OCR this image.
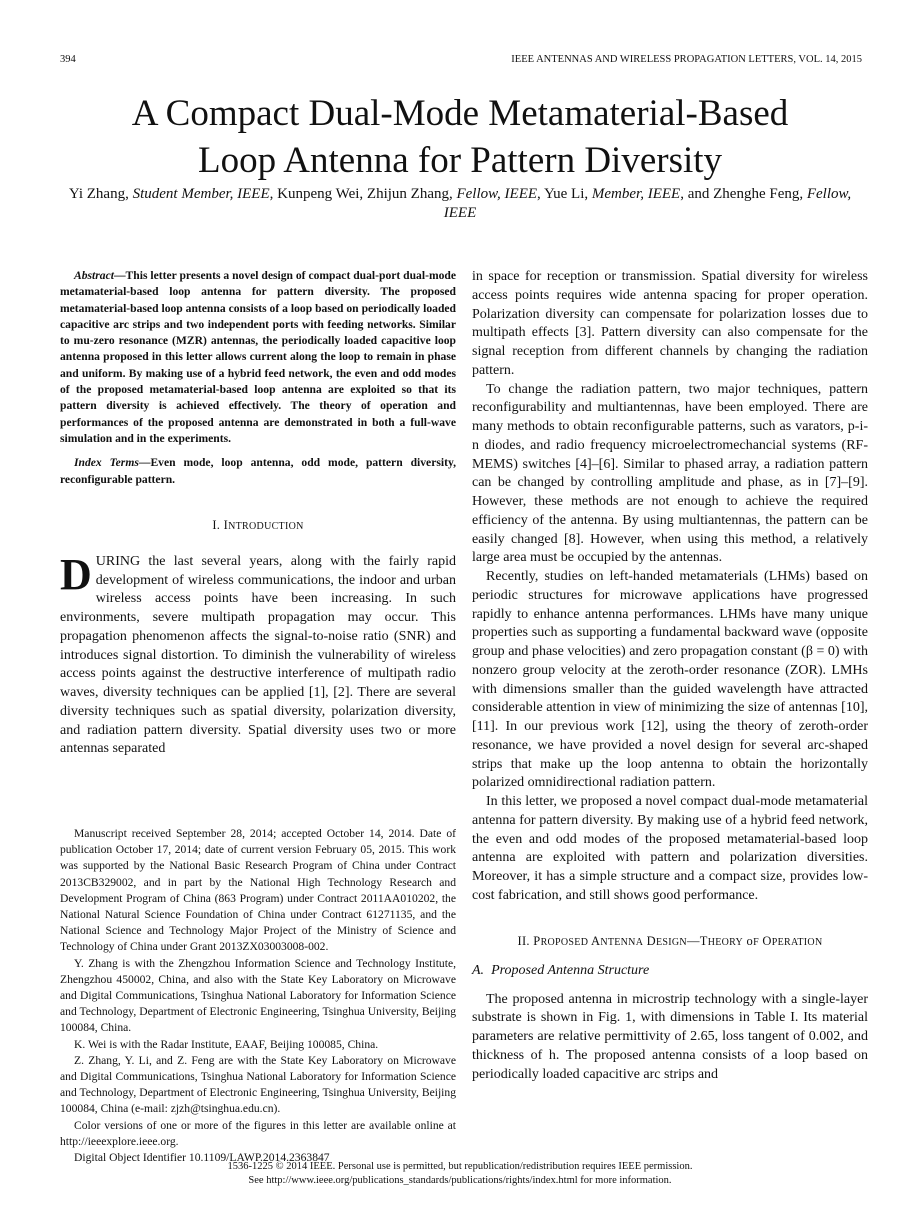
394	IEEE ANTENNAS AND WIRELESS PROPAGATION LETTERS, VOL. 14, 2015
A Compact Dual-Mode Metamaterial-Based
Loop Antenna for Pattern Diversity
Yi Zhang, Student Member, IEEE, Kunpeng Wei, Zhijun Zhang, Fellow, IEEE, Yue Li, Member, IEEE, and Zhenghe Feng, Fellow, IEEE

Abstract—This letter presents a novel design of compact dual-port dual-mode metamaterial-based loop antenna for pattern diversity. The proposed metamaterial-based loop antenna consists of a loop based on periodically loaded capacitive arc strips and two independent ports with feeding networks. Similar to mu-zero resonance (MZR) antennas, the periodically loaded capacitive loop antenna proposed in this letter allows current along the loop to remain in phase and uniform. By making use of a hybrid feed network, the even and odd modes of the proposed metamaterial-based loop antenna are exploited so that its pattern diversity is achieved effectively. The theory of operation and performances of the proposed antenna are demonstrated in both a full-wave simulation and in the experiments.

Index Terms—Even mode, loop antenna, odd mode, pattern diversity, reconfigurable pattern.

I. INTRODUCTION

DURING the last several years, along with the fairly rapid development of wireless communications, the indoor and urban wireless access points have been increasing. In such environments, severe multipath propagation may occur. This propagation phenomenon affects the signal-to-noise ratio (SNR) and introduces signal distortion. To diminish the vulnerability of wireless access points against the destructive interference of multipath radio waves, diversity techniques can be applied [1], [2]. There are several diversity techniques such as spatial diversity, polarization diversity, and radiation pattern diversity. Spatial diversity uses two or more antennas separated

Manuscript received September 28, 2014; accepted October 14, 2014. Date of publication October 17, 2014; date of current version February 05, 2015. This work was supported by the National Basic Research Program of China under Contract 2013CB329002, and in part by the National High Technology Research and Development Program of China (863 Program) under Contract 2011AA010202, the National Natural Science Foundation of China under Contract 61271135, and the National Science and Technology Major Project of the Ministry of Science and Technology of China under Grant 2013ZX03003008-002.

Y. Zhang is with the Zhengzhou Information Science and Technology Institute, Zhengzhou 450002, China, and also with the State Key Laboratory on Microwave and Digital Communications, Tsinghua National Laboratory for Information Science and Technology, Department of Electronic Engineering, Tsinghua University, Beijing 100084, China.

K. Wei is with the Radar Institute, EAAF, Beijing 100085, China.

Z. Zhang, Y. Li, and Z. Feng are with the State Key Laboratory on Microwave and Digital Communications, Tsinghua National Laboratory for Information Science and Technology, Department of Electronic Engineering, Tsinghua University, Beijing 100084, China (e-mail: zjzh@tsinghua.edu.cn).

Color versions of one or more of the figures in this letter are available online at http://ieeexplore.ieee.org.

Digital Object Identifier 10.1109/LAWP.2014.2363847

in space for reception or transmission. Spatial diversity for wireless access points requires wide antenna spacing for proper operation. Polarization diversity can compensate for polarization losses due to multipath effects [3]. Pattern diversity can also compensate for the signal reception from different channels by changing the radiation pattern.

To change the radiation pattern, two major techniques, pattern reconfigurability and multiantennas, have been employed. There are many methods to obtain reconfigurable patterns, such as varators, p-i-n diodes, and radio frequency microelectromechancial systems (RF-MEMS) switches [4]–[6]. Similar to phased array, a radiation pattern can be changed by controlling amplitude and phase, as in [7]–[9]. However, these methods are not enough to achieve the required efficiency of the antenna. By using multiantennas, the pattern can be easily changed [8]. However, when using this method, a relatively large area must be occupied by the antennas.

Recently, studies on left-handed metamaterials (LHMs) based on periodic structures for microwave applications have progressed rapidly to enhance antenna performances. LHMs have many unique properties such as supporting a fundamental backward wave (opposite group and phase velocities) and zero propagation constant (β = 0) with nonzero group velocity at the zeroth-order resonance (ZOR). LMHs with dimensions smaller than the guided wavelength have attracted considerable attention in view of minimizing the size of antennas [10], [11]. In our previous work [12], using the theory of zeroth-order resonance, we have provided a novel design for several arc-shaped strips that make up the loop antenna to obtain the horizontally polarized omnidirectional radiation pattern.

In this letter, we proposed a novel compact dual-mode metamaterial antenna for pattern diversity. By making use of a hybrid feed network, the even and odd modes of the proposed metamaterial-based loop antenna are exploited with pattern and polarization diversities. Moreover, it has a simple structure and a compact size, provides low-cost fabrication, and still shows good performance.

II. PROPOSED ANTENNA DESIGN—THEORY oF OPERATION
A. Proposed Antenna Structure

The proposed antenna in microstrip technology with a single-layer substrate is shown in Fig. 1, with dimensions in Table I. Its material parameters are relative permittivity of 2.65, loss tangent of 0.002, and thickness of h. The proposed antenna consists of a loop based on periodically loaded capacitive arc strips and

1536-1225 © 2014 IEEE. Personal use is permitted, but republication/redistribution requires IEEE permission.
See http://www.ieee.org/publications_standards/publications/rights/index.html for more information.
